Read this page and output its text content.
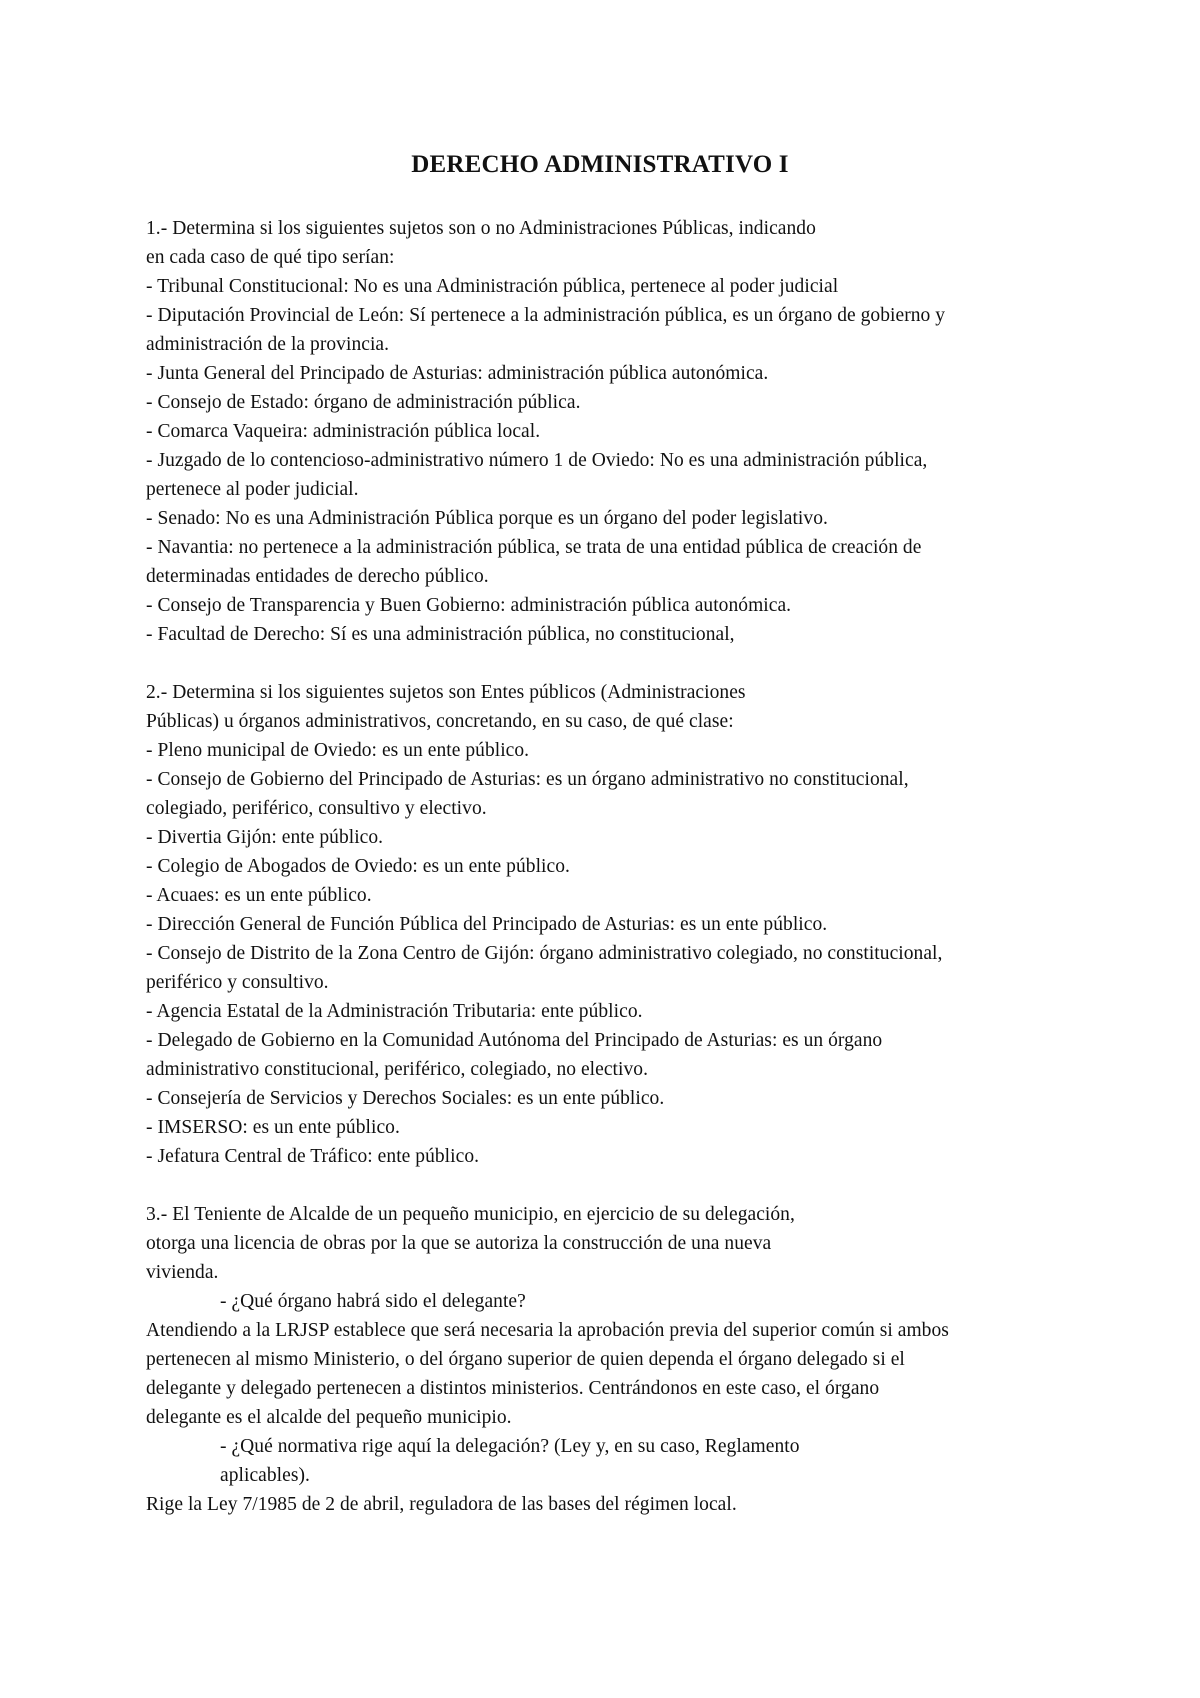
DERECHO ADMINISTRATIVO I
1.- Determina si los siguientes sujetos son o no Administraciones Públicas, indicando
en cada caso de qué tipo serían:
- Tribunal Constitucional: No es una Administración pública, pertenece al poder judicial
- Diputación Provincial de León: Sí pertenece a la administración pública, es un órgano de gobierno y
administración de la provincia.
- Junta General del Principado de Asturias: administración pública autonómica.
- Consejo de Estado: órgano de administración pública.
- Comarca Vaqueira: administración pública local.
- Juzgado de lo contencioso-administrativo número 1 de Oviedo: No es una administración pública,
pertenece al poder judicial.
- Senado: No es una Administración Pública porque es un órgano del poder legislativo.
- Navantia: no pertenece a la administración pública, se trata de una entidad pública de creación de
determinadas entidades de derecho público.
- Consejo de Transparencia y Buen Gobierno: administración pública autonómica.
- Facultad de Derecho: Sí es una administración pública, no constitucional,
2.- Determina si los siguientes sujetos son Entes públicos (Administraciones
Públicas) u órganos administrativos, concretando, en su caso, de qué clase:
- Pleno municipal de Oviedo: es un ente público.
- Consejo de Gobierno del Principado de Asturias: es un órgano administrativo no constitucional,
colegiado, periférico, consultivo y electivo.
- Divertia Gijón: ente público.
- Colegio de Abogados de Oviedo: es un ente público.
- Acuaes: es un ente público.
- Dirección General de Función Pública del Principado de Asturias: es un ente público.
- Consejo de Distrito de la Zona Centro de Gijón: órgano administrativo colegiado, no constitucional,
periférico y consultivo.
- Agencia Estatal de la Administración Tributaria: ente público.
- Delegado de Gobierno en la Comunidad Autónoma del Principado de Asturias: es un órgano
administrativo constitucional, periférico, colegiado, no electivo.
- Consejería de Servicios y Derechos Sociales: es un ente público.
- IMSERSO: es un ente público.
- Jefatura Central de Tráfico: ente público.
3.- El Teniente de Alcalde de un pequeño municipio, en ejercicio de su delegación,
otorga una licencia de obras por la que se autoriza la construcción de una nueva
vivienda.
- ¿Qué órgano habrá sido el delegante?
Atendiendo a la LRJSP establece que será necesaria la aprobación previa del superior común si ambos
pertenecen al mismo Ministerio, o del órgano superior de quien dependa el órgano delegado si el
delegante y delegado pertenecen a distintos ministerios. Centrándonos en este caso, el órgano
delegante es el alcalde del pequeño municipio.
- ¿Qué normativa rige aquí la delegación? (Ley y, en su caso, Reglamento
aplicables).
Rige la Ley 7/1985 de 2 de abril, reguladora de las bases del régimen local.
